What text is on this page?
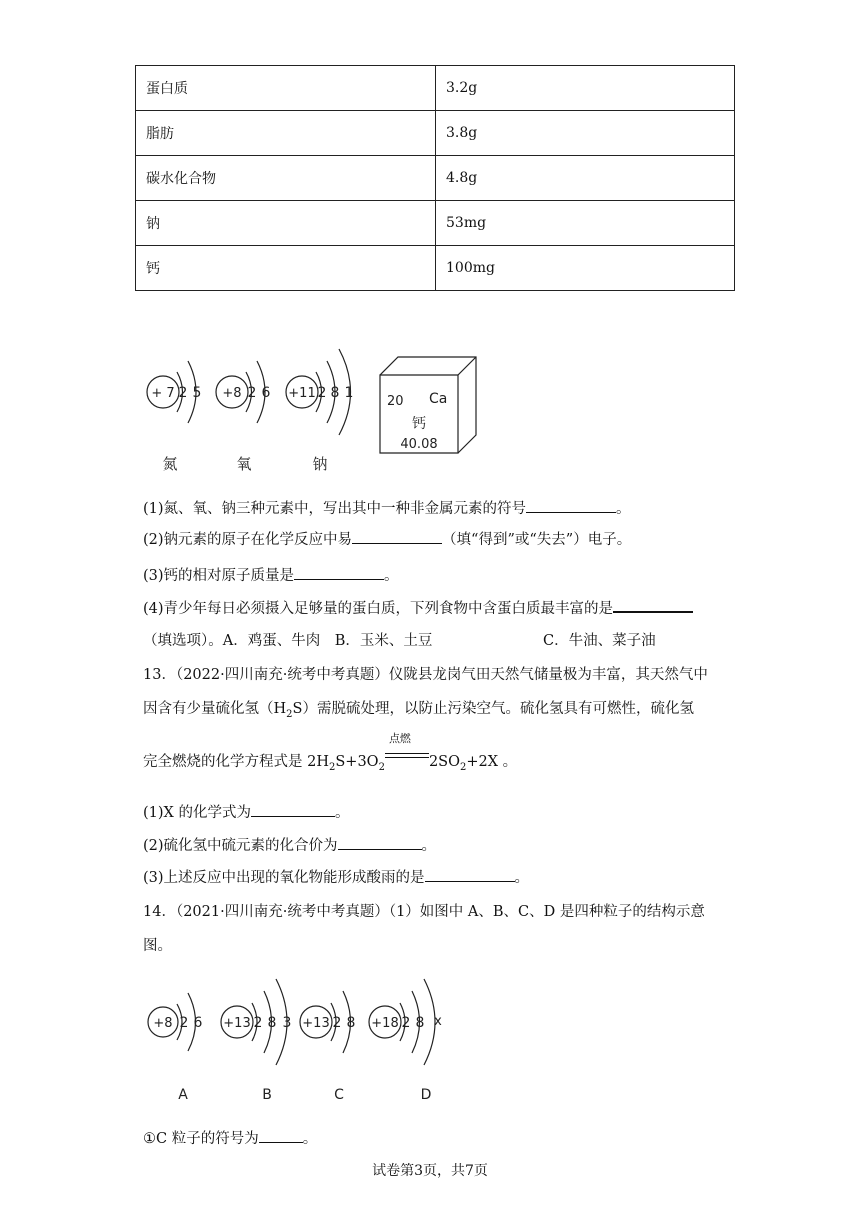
蛋白质	3.2g
脂肪	3.8g
碳水化合物	4.8g
钠	53mg
钙	100mg
+ 7 2 5 +8 2 6 +11 2 8 1
氮	氧	钠
20 Ca
钙
40.08
(1)氮、氧、钠三种元素中，写出其中一种非金属元素的符号	。
(2)钠元素的原子在化学反应中易	（填“得到”或“失去”）电子。
(3)钙的相对原子质量是	。
(4)青少年每日必须摄入足够量的蛋白质，下列食物中含蛋白质最丰富的是
（填选项）。A．鸡蛋、牛肉　B．玉米、土豆	C．牛油、菜子油
13．（2022·四川南充·统考中考真题）仪陇县龙岗气田天然气储量极为丰富，其天然气中
因含有少量硫化氢$(H_2S)$需脱硫处理，以防止污染空气。硫化氢具有可燃性，硫化氢
完全燃烧的化学方程式是 $2H_2S+3O_2$
点燃
$2SO_2+2X$ 。
(1)X 的化学式为	。
(2)硫化氢中硫元素的化合价为	。
(3)上述反应中出现的氧化物能形成酸雨的是	。
14．（2021·四川南充·统考中考真题）（1）如图中 A、B、C、D 是四种粒子的结构示意
图。
+8 2 6 +13 2 8 3 +13 2 8 +18 2 8 x
A	B	C	D
①C 粒子的符号为	。
试卷第3页，共7页
